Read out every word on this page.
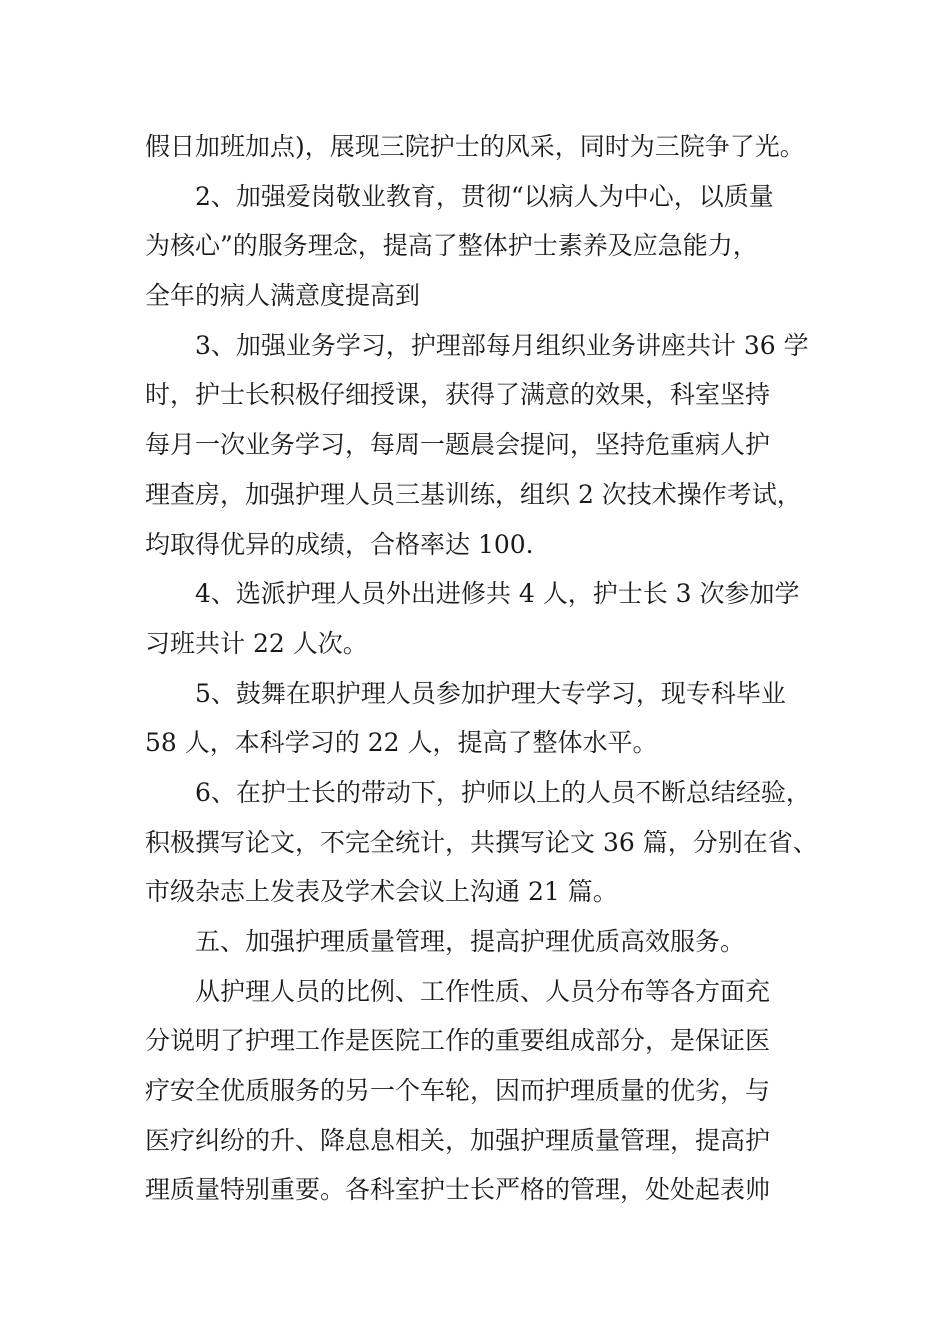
假日加班加点)，展现三院护士的风采，同时为三院争了光。
2、加强爱岗敬业教育，贯彻“以病人为中心，以质量
为核心”的服务理念，提高了整体护士素养及应急能力，
全年的病人满意度提高到
3、加强业务学习，护理部每月组织业务讲座共计 36 学
时，护士长积极仔细授课，获得了满意的效果，科室坚持
每月一次业务学习，每周一题晨会提问，坚持危重病人护
理查房，加强护理人员三基训练，组织 2 次技术操作考试，
均取得优异的成绩，合格率达 100.
4、选派护理人员外出进修共 4 人，护士长 3 次参加学
习班共计 22 人次。
5、鼓舞在职护理人员参加护理大专学习，现专科毕业
58 人，本科学习的 22 人，提高了整体水平。
6、在护士长的带动下，护师以上的人员不断总结经验，
积极撰写论文，不完全统计，共撰写论文 36 篇，分别在省、
市级杂志上发表及学术会议上沟通 21 篇。
五、加强护理质量管理，提高护理优质高效服务。
从护理人员的比例、工作性质、人员分布等各方面充
分说明了护理工作是医院工作的重要组成部分，是保证医
疗安全优质服务的另一个车轮，因而护理质量的优劣，与
医疗纠纷的升、降息息相关，加强护理质量管理，提高护
理质量特别重要。各科室护士长严格的管理，处处起表帅
